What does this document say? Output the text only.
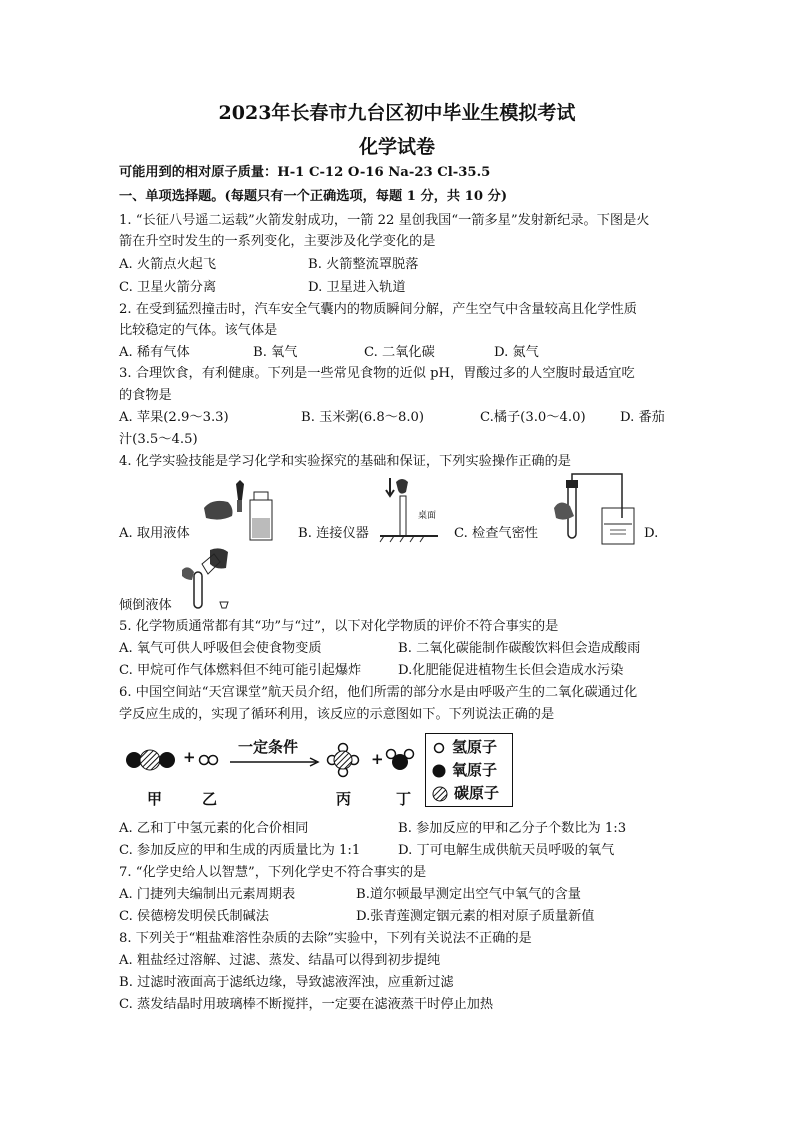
2023年长春市九台区初中毕业生模拟考试
化学试卷
可能用到的相对原子质量：H-1 C-12 O-16 Na-23 Cl-35.5
一、单项选择题。(每题只有一个正确选项，每题 1 分，共 10 分)
1. “长征八号遥二运载”火箭发射成功，一箭 22 星创我国“一箭多星”发射新纪录。下图是火
箭在升空时发生的一系列变化，主要涉及化学变化的是
A. 火箭点火起飞	B. 火箭整流罩脱落
C. 卫星火箭分离	D. 卫星进入轨道
2. 在受到猛烈撞击时，汽车安全气囊内的物质瞬间分解，产生空气中含量较高且化学性质
比较稳定的气体。该气体是
A. 稀有气体	B. 氧气	C. 二氧化碳	D. 氮气
3. 合理饮食，有利健康。下列是一些常见食物的近似 pH，胃酸过多的人空腹时最适宜吃
的食物是
A. 苹果(2.9～3.3)	B. 玉米粥(6.8～8.0)	C.橘子(3.0～4.0)	D. 番茄
汁(3.5～4.5)
4. 化学实验技能是学习化学和实验探究的基础和保证，下列实验操作正确的是
A. 取用液体
桌面
B. 连接仪器	C. 检查气密性	D.
倾倒液体
5. 化学物质通常都有其“功”与“过”，以下对化学物质的评价不符合事实的是
A. 氧气可供人呼吸但会使食物变质	B. 二氧化碳能制作碳酸饮料但会造成酸雨
C. 甲烷可作气体燃料但不纯可能引起爆炸	D.化肥能促进植物生长但会造成水污染
6. 中国空间站“天宫课堂”航天员介绍，他们所需的部分水是由呼吸产生的二氧化碳通过化
学反应生成的，实现了循环利用，该反应的示意图如下。下列说法正确的是
+	+
一定条件
甲	乙	丙	丁
氢原子
氧原子
碳原子
A. 乙和丁中氢元素的化合价相同	B. 参加反应的甲和乙分子个数比为 1:3
C. 参加反应的甲和生成的丙质量比为 1:1	D. 丁可电解生成供航天员呼吸的氧气
7. “化学史给人以智慧”，下列化学史不符合事实的是
A. 门捷列夫编制出元素周期表	B.道尔顿最早测定出空气中氧气的含量
C. 侯德榜发明侯氏制碱法	D.张青莲测定铟元素的相对原子质量新值
8. 下列关于“粗盐难溶性杂质的去除”实验中，下列有关说法不正确的是
A. 粗盐经过溶解、过滤、蒸发、结晶可以得到初步提纯
B. 过滤时液面高于滤纸边缘，导致滤液浑浊，应重新过滤
C. 蒸发结晶时用玻璃棒不断搅拌，一定要在滤液蒸干时停止加热
